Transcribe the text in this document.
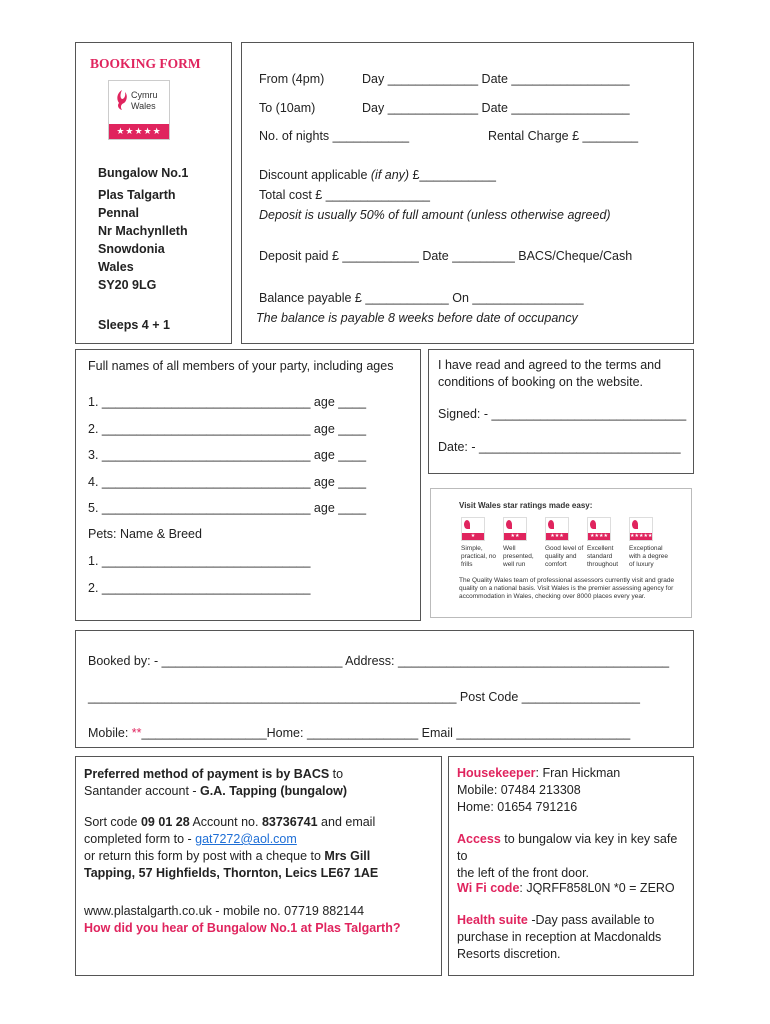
BOOKING FORM
Cymru
Wales
★★★★★
Bungalow No.1
Plas Talgarth
Pennal
Nr Machynlleth
Snowdonia
Wales
SY20 9LG
Sleeps 4 + 1
From (4pm)	Day _____________ Date _________________
To (10am)	Day _____________ Date _________________
No. of nights ___________	Rental Charge £ ________
Discount applicable (if any) £___________
Total cost £ _______________
Deposit is usually 50% of full amount (unless otherwise agreed)
Deposit paid £ ___________ Date _________ BACS/Cheque/Cash
Balance payable £ ____________ On ________________
The balance is payable 8 weeks before date of occupancy
Full names of all members of your party, including ages
1. ______________________________ age ____
2. ______________________________ age ____
3. ______________________________ age ____
4. ______________________________ age ____
5. ______________________________ age ____
Pets: Name & Breed
1. ______________________________
2. ______________________________
I have read and agreed to the terms and
conditions of booking on the website.
Signed: - ____________________________
Date: - _____________________________
Visit Wales star ratings made easy:
★
Simple, practical, no frills
★★
Well presented, well run
★★★
Good level of quality and comfort
★★★★
Excellent standard throughout
★★★★★
Exceptional with a degree of luxury
The Quality Wales team of professional assessors currently visit and grade quality on a national basis. Visit Wales is the premier assessing agency for accommodation in Wales, checking over 8000 places every year.
Booked by: - __________________________ Address: _______________________________________
_____________________________________________________ Post Code _________________
Mobile: **__________________Home: ________________ Email _________________________
Preferred method of payment is by BACS to
Santander account - G.A. Tapping (bungalow)
Sort code 09 01 28 Account no. 83736741 and email
completed form to - gat7272@aol.com
or return this form by post with a cheque to Mrs Gill
Tapping, 57 Highfields, Thornton, Leics LE67 1AE
www.plastalgarth.co.uk - mobile no. 07719 882144
How did you hear of Bungalow No.1 at Plas Talgarth?
Housekeeper: Fran Hickman
Mobile: 07484 213308
Home: 01654 791216
Access to bungalow via key in key safe to
the left of the front door.
Wi Fi code: JQRFF858L0N *0 = ZERO
Health suite -Day pass available to
purchase in reception at Macdonalds
Resorts discretion.
